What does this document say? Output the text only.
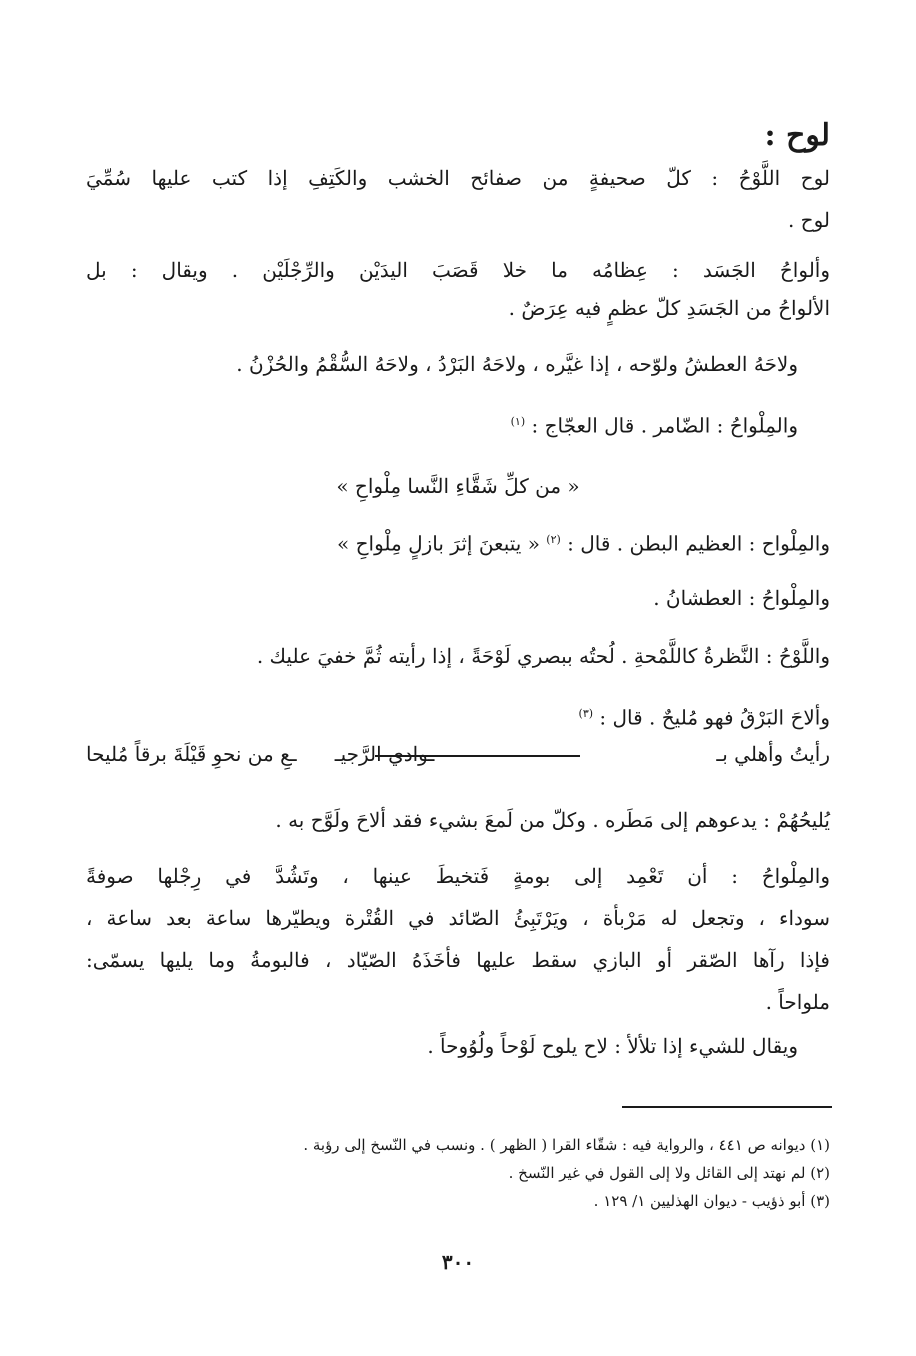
لوح :
لوح اللَّوْحُ : كلّ صحيفةٍ من صفائح الخشب والكَتِفِ إذا كتب عليها سُمِّيَ
لوح .
وألواحُ الجَسَد : عِظامُه ما خلا قَصَبَ اليدَيْن والرِّجْلَيْن . ويقال : بل
الألواحُ من الجَسَدِ كلّ عظمٍ فيه عِرَضٌ .
ولاحَهُ العطشُ ولوّحه ، إذا غيَّره ، ولاحَهُ البَرْدُ ، ولاحَهُ السُّقْمُ والحُزْنُ .
والمِلْواحُ : الضّامر . قال العجّاج : $^{(١)}$
« من كلِّ شَقَّاءِ النَّسا مِلْواحِ »
والمِلْواح : العظيم البطن . قال : $^{(٢)}$ « يتبعنَ إثرَ بازلٍ مِلْواحِ »
والمِلْواحُ : العطشانُ .
واللَّوْحُ : النَّظرةُ كاللَّمْحةِ . لُحتُه ببصري لَوْحَةً ، إذا رأيته ثُمَّ خفيَ عليك .
وألاحَ البَرْقُ فهو مُليحٌ . قال : $^{(٣)}$
رأيتُ وأهلي بـ
ـوادي الرَّجيـ      ـعِ من نحوِ قَيْلَةَ برقاً مُليحا
يُليحُهُمْ : يدعوهم إلى مَطَره . وكلّ من لَمعَ بشيء فقد ألاحَ ولَوَّح به .
والمِلْواحُ : أن تَعْمِد إلى بومةٍ فَتخيطَ عينها ، وتَشُدَّ في رِجْلها صوفةً
سوداء ، وتجعل له مَرْبأة ، ويَرْتَبِئُ الصّائد في القُتْرة ويطيّرها ساعة بعد ساعة ،
فإذا رآها الصّقر أو البازي سقط عليها فأخَذَهُ الصّيّاد ، فالبومةُ وما يليها يسمّى:
ملواحاً .
ويقال للشيء إذا تلألأ : لاح يلوح لَوْحاً ولُوُوحاً .
(١) ديوانه ص ٤٤١ ، والرواية فيه : شقّاء القرا ( الظهر ) . ونسب في النّسخ إلى رؤبة .
(٢) لم نهتد إلى القائل ولا إلى القول في غير النّسخ .
(٣) أبو ذؤيب - ديوان الهذليين ١/ ١٢٩ .
٣٠٠
